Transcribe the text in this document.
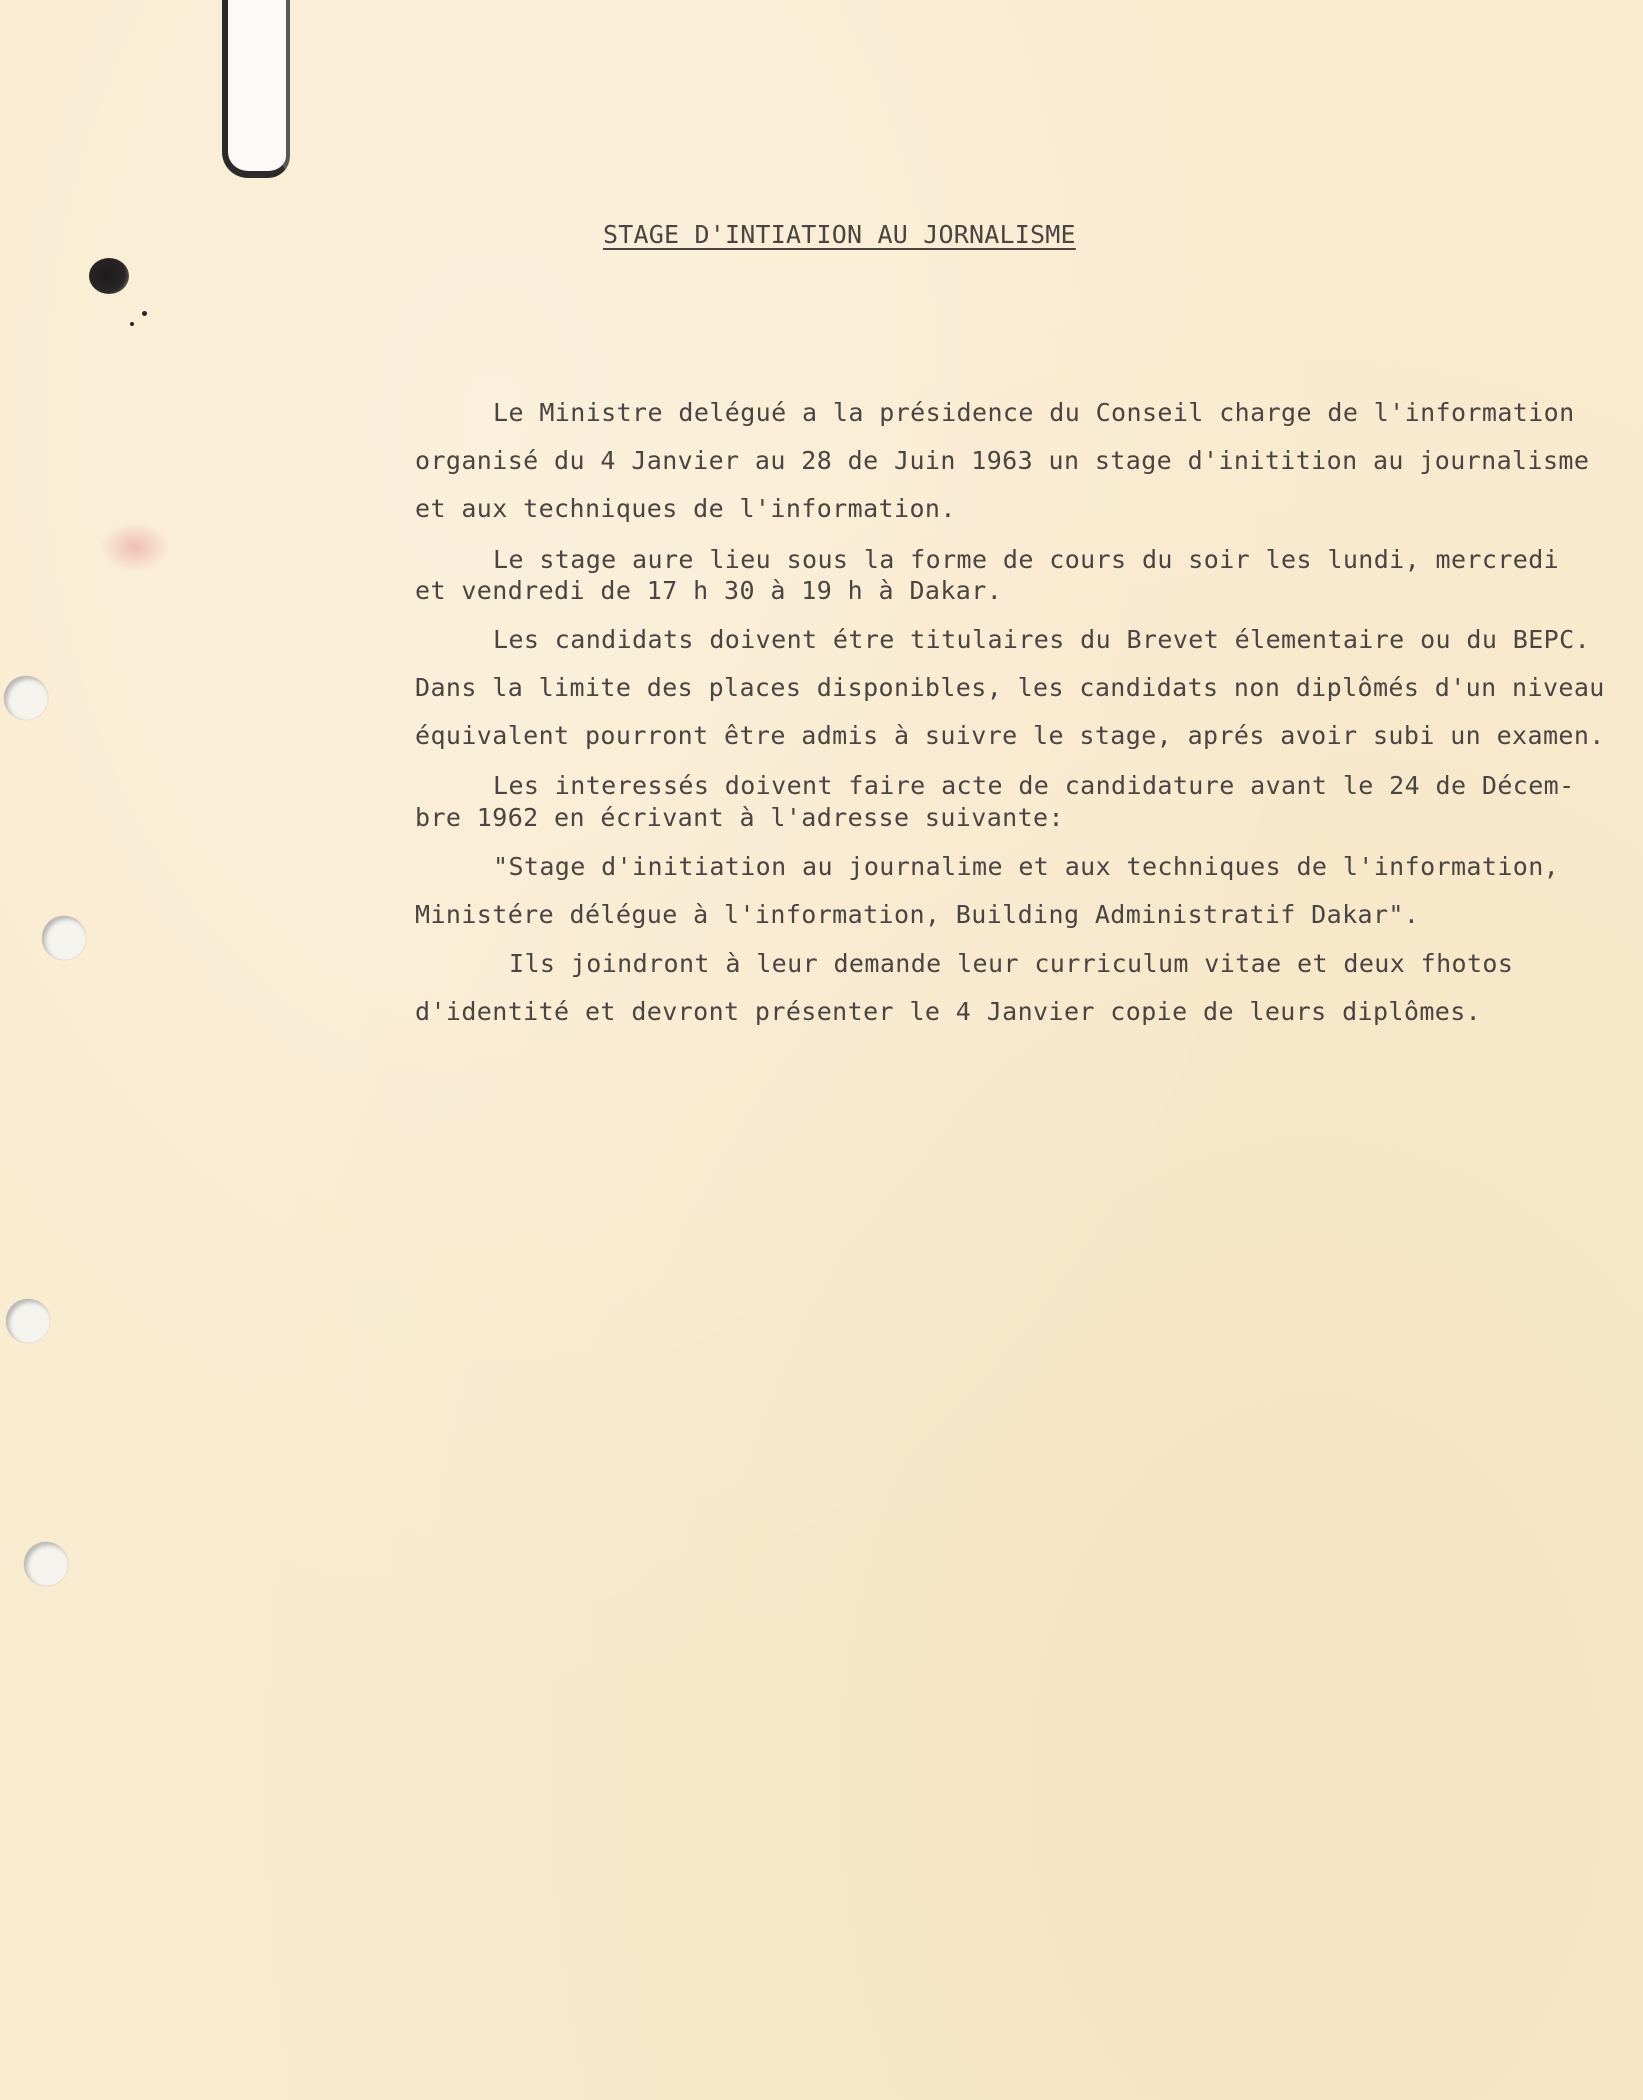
STAGE D'INTIATION AU JORNALISME
Le Ministre delégué a la présidence du Conseil charge de l'information
organisé du 4 Janvier au 28 de Juin 1963 un stage d'initition au journalisme
et aux techniques de l'information.
Le stage aure lieu sous la forme de cours du soir les lundi, mercredi
et vendredi de 17 h 30 à 19 h à Dakar.
Les candidats doivent étre titulaires du Brevet élementaire ou du BEPC.
Dans la limite des places disponibles, les candidats non diplômés d'un niveau
équivalent pourront être admis à suivre le stage, aprés avoir subi un examen.
Les interessés doivent faire acte de candidature avant le 24 de Décem-
bre 1962 en écrivant à l'adresse suivante:
"Stage d'initiation au journalime et aux techniques de l'information,
Ministére délégue à l'information, Building Administratif Dakar".
Ils joindront à leur demande leur curriculum vitae et deux fhotos
d'identité et devront présenter le 4 Janvier copie de leurs diplômes.
